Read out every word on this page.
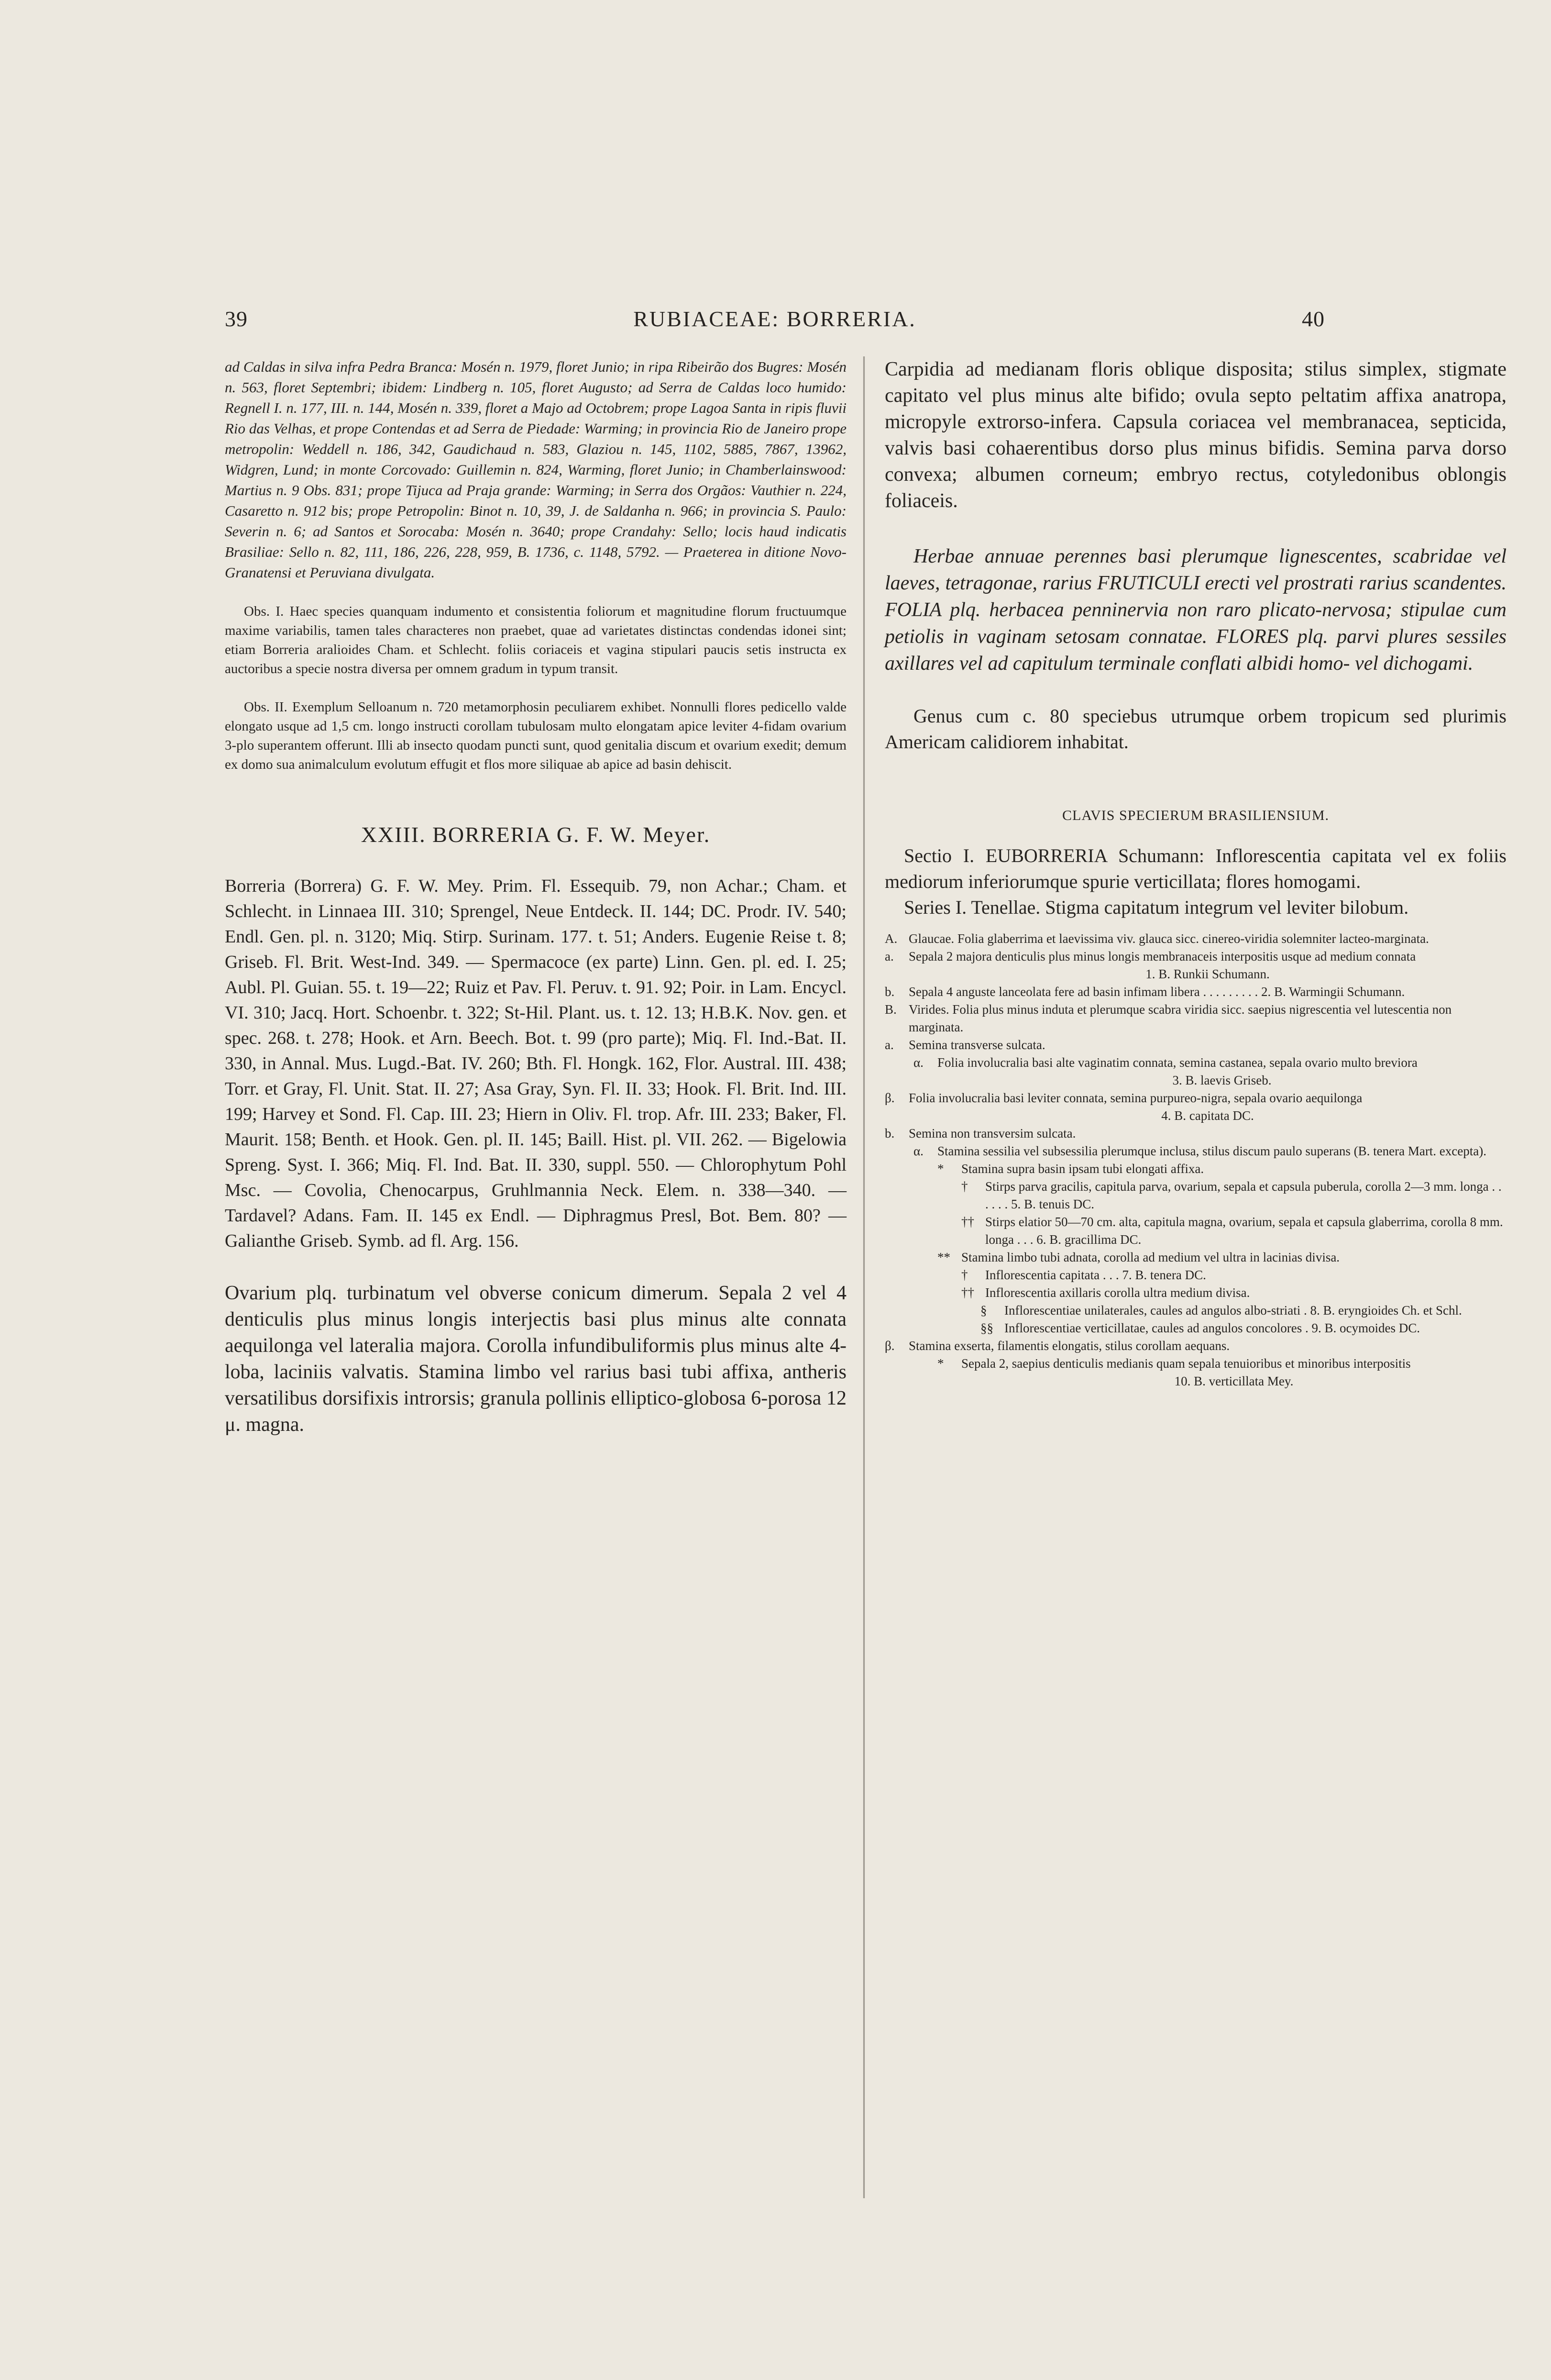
39	RUBIACEAE: BORRERIA.	40

ad Caldas in silva infra Pedra Branca: Mosén n. 1979, floret Junio; in ripa Ribeirão dos Bugres: Mosén n. 563, floret Septembri; ibidem: Lindberg n. 105, floret Augusto; ad Serra de Caldas loco humido: Regnell I. n. 177, III. n. 144, Mosén n. 339, floret a Majo ad Octobrem; prope Lagoa Santa in ripis fluvii Rio das Velhas, et prope Contendas et ad Serra de Piedade: Warming; in provincia Rio de Janeiro prope metropolin: Weddell n. 186, 342, Gaudichaud n. 583, Glaziou n. 145, 1102, 5885, 7867, 13962, Widgren, Lund; in monte Corcovado: Guillemin n. 824, Warming, floret Junio; in Chamberlainswood: Martius n. 9 Obs. 831; prope Tijuca ad Praja grande: Warming; in Serra dos Orgãos: Vauthier n. 224, Casaretto n. 912 bis; prope Petropolin: Binot n. 10, 39, J. de Saldanha n. 966; in provincia S. Paulo: Severin n. 6; ad Santos et Sorocaba: Mosén n. 3640; prope Crandahy: Sello; locis haud indicatis Brasiliae: Sello n. 82, 111, 186, 226, 228, 959, B. 1736, c. 1148, 5792. — Praeterea in ditione Novo-Granatensi et Peruviana divulgata.

Obs. I. Haec species quanquam indumento et consistentia foliorum et magnitudine florum fructuumque maxime variabilis, tamen tales characteres non praebet, quae ad varietates distinctas condendas idonei sint; etiam Borreria aralioides Cham. et Schlecht. foliis coriaceis et vagina stipulari paucis setis instructa ex auctoribus a specie nostra diversa per omnem gradum in typum transit.

Obs. II. Exemplum Selloanum n. 720 metamorphosin peculiarem exhibet. Nonnulli flores pedicello valde elongato usque ad 1,5 cm. longo instructi corollam tubulosam multo elongatam apice leviter 4-fidam ovarium 3-plo superantem offerunt. Illi ab insecto quodam puncti sunt, quod genitalia discum et ovarium exedit; demum ex domo sua animalculum evolutum effugit et flos more siliquae ab apice ad basin dehiscit.

XXIII. BORRERIA G. F. W. Meyer.

Borreria (Borrera) G. F. W. Mey. Prim. Fl. Essequib. 79, non Achar.; Cham. et Schlecht. in Linnaea III. 310; Sprengel, Neue Entdeck. II. 144; DC. Prodr. IV. 540; Endl. Gen. pl. n. 3120; Miq. Stirp. Surinam. 177. t. 51; Anders. Eugenie Reise t. 8; Griseb. Fl. Brit. West-Ind. 349. — Spermacoce (ex parte) Linn. Gen. pl. ed. I. 25; Aubl. Pl. Guian. 55. t. 19—22; Ruiz et Pav. Fl. Peruv. t. 91. 92; Poir. in Lam. Encycl. VI. 310; Jacq. Hort. Schoenbr. t. 322; St-Hil. Plant. us. t. 12. 13; H.B.K. Nov. gen. et spec. 268. t. 278; Hook. et Arn. Beech. Bot. t. 99 (pro parte); Miq. Fl. Ind.-Bat. II. 330, in Annal. Mus. Lugd.-Bat. IV. 260; Bth. Fl. Hongk. 162, Flor. Austral. III. 438; Torr. et Gray, Fl. Unit. Stat. II. 27; Asa Gray, Syn. Fl. II. 33; Hook. Fl. Brit. Ind. III. 199; Harvey et Sond. Fl. Cap. III. 23; Hiern in Oliv. Fl. trop. Afr. III. 233; Baker, Fl. Maurit. 158; Benth. et Hook. Gen. pl. II. 145; Baill. Hist. pl. VII. 262. — Bigelowia Spreng. Syst. I. 366; Miq. Fl. Ind. Bat. II. 330, suppl. 550. — Chlorophytum Pohl Msc. — Covolia, Chenocarpus, Gruhlmannia Neck. Elem. n. 338—340. — Tardavel? Adans. Fam. II. 145 ex Endl. — Diphragmus Presl, Bot. Bem. 80? — Galianthe Griseb. Symb. ad fl. Arg. 156.

Ovarium plq. turbinatum vel obverse conicum dimerum. Sepala 2 vel 4 denticulis plus minus longis interjectis basi plus minus alte connata aequilonga vel lateralia majora. Corolla infundibuliformis plus minus alte 4-loba, laciniis valvatis. Stamina limbo vel rarius basi tubi affixa, antheris versatilibus dorsifixis introrsis; granula pollinis elliptico-globosa 6-porosa 12 μ. magna.

Carpidia ad medianam floris oblique disposita; stilus simplex, stigmate capitato vel plus minus alte bifido; ovula septo peltatim affixa anatropa, micropyle extrorso-infera. Capsula coriacea vel membranacea, septicida, valvis basi cohaerentibus dorso plus minus bifidis. Semina parva dorso convexa; albumen corneum; embryo rectus, cotyledonibus oblongis foliaceis.

Herbae annuae perennes basi plerumque lignescentes, scabridae vel laeves, tetragonae, rarius FRUTICULI erecti vel prostrati rarius scandentes. FOLIA plq. herbacea penninervia non raro plicato-nervosa; stipulae cum petiolis in vaginam setosam connatae. FLORES plq. parvi plures sessiles axillares vel ad capitulum terminale conflati albidi homo- vel dichogami.

Genus cum c. 80 speciebus utrumque orbem tropicum sed plurimis Americam calidiorem inhabitat.

CLAVIS SPECIERUM BRASILIENSIUM.

Sectio I. EUBORRERIA Schumann: Inflorescentia capitata vel ex foliis mediorum inferiorumque spurie verticillata; flores homogami.

Series I. Tenellae. Stigma capitatum integrum vel leviter bilobum.

A. Glaucae. Folia glaberrima et laevissima viv. glauca sicc. cinereo-viridia solemniter lacteo-marginata.
a.	Sepala 2 majora denticulis plus minus longis membranaceis interpositis usque ad medium connata
1. B. Runkii Schumann.
b.	Sepala 4 anguste lanceolata fere ad basin infimam libera . . . . . . . . . 2. B. Warmingii Schumann.
B. Virides. Folia plus minus induta et plerumque scabra viridia sicc. saepius nigrescentia vel lutescentia non marginata.
a.	Semina transverse sulcata.
α.	Folia involucralia basi alte vaginatim connata, semina castanea, sepala ovario multo breviora
3. B. laevis Griseb.
β.	Folia involucralia basi leviter connata, semina purpureo-nigra, sepala ovario aequilonga
4. B. capitata DC.
b.	Semina non transversim sulcata.
α.	Stamina sessilia vel subsessilia plerumque inclusa, stilus discum paulo superans (B. tenera Mart. excepta).
*	Stamina supra basin ipsam tubi elongati affixa.
†	Stirps parva gracilis, capitula parva, ovarium, sepala et capsula puberula, corolla 2—3 mm. longa . . . . . . 5. B. tenuis DC.
†† Stirps elatior 50—70 cm. alta, capitula magna, ovarium, sepala et capsula glaberrima, corolla 8 mm. longa . . . 6. B. gracillima DC.
** Stamina limbo tubi adnata, corolla ad medium vel ultra in lacinias divisa.
†	Inflorescentia capitata . . . 7. B. tenera DC.
†† Inflorescentia axillaris corolla ultra medium divisa.
§	Inflorescentiae unilaterales, caules ad angulos albo-striati . 8. B. eryngioides Ch. et Schl.
§§ Inflorescentiae verticillatae, caules ad angulos concolores . 9. B. ocymoides DC.
β.	Stamina exserta, filamentis elongatis, stilus corollam aequans.
*	Sepala 2, saepius denticulis medianis quam sepala tenuioribus et minoribus interpositis
10. B. verticillata Mey.
